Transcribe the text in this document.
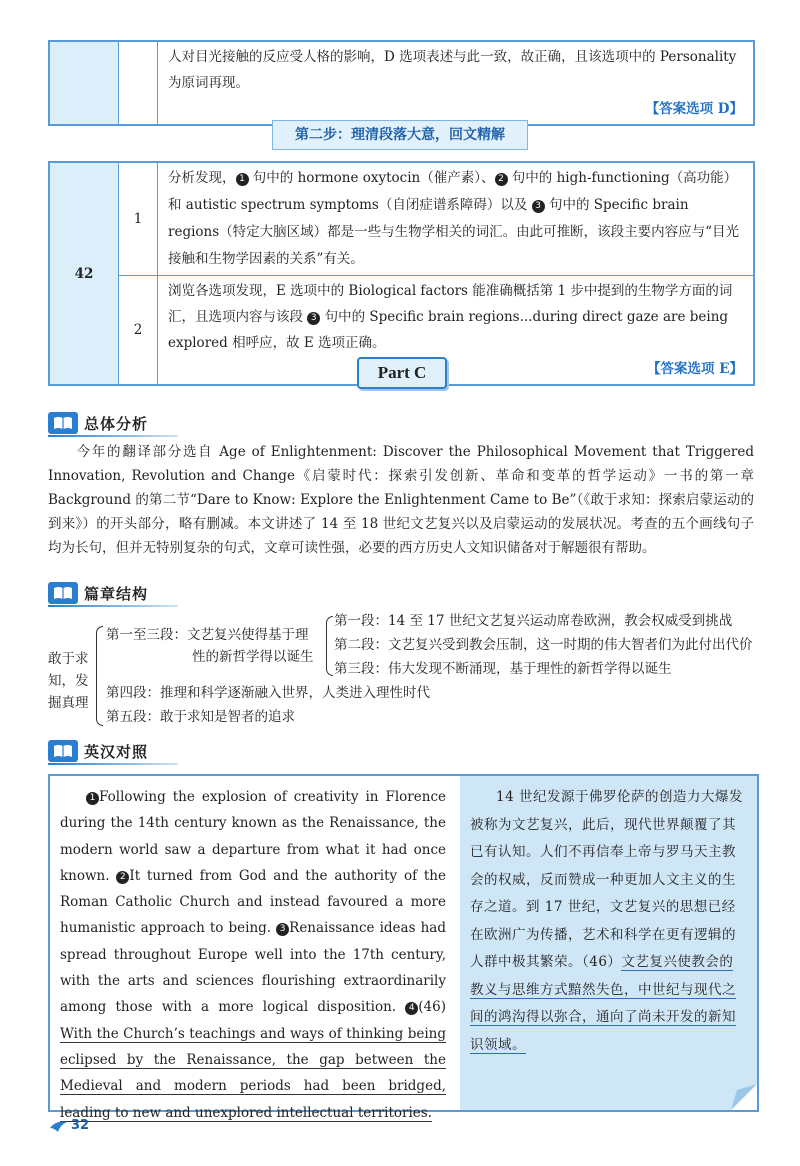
人对目光接触的反应受人格的影响，D 选项表述与此一致，故正确，且该选项中的 Personality 为原词再现。
【答案选项 D】
第二步：理清段落大意，回文精解
42	1	分析发现， 1 句中的 hormone oxytocin（催产素）、 2 句中的 high-functioning（高功能）和 autistic spectrum symptoms（自闭症谱系障碍）以及 3 句中的 Specific brain regions（特定大脑区域）都是一些与生物学相关的词汇。由此可推断，该段主要内容应与“目光接触和生物学因素的关系”有关。

	2	浏览各选项发现，E 选项中的 Biological factors 能准确概括第 1 步中提到的生物学方面的词汇，且选项内容与该段 3 句中的 Specific brain regions...during direct gaze are being explored 相呼应，故 E 选项正确。
【答案选项 E】
Part C
总体分析
今年的翻译部分选自 Age of Enlightenment: Discover the Philosophical Movement that Triggered Innovation, Revolution and Change《启蒙时代：探索引发创新、革命和变革的哲学运动》一书的第一章 Background 的第二节“Dare to Know: Explore the Enlightenment Came to Be”（《敢于求知：探索启蒙运动的到来》）的开头部分，略有删减。本文讲述了 14 至 18 世纪文艺复兴以及启蒙运动的发展状况。考查的五个画线句子均为长句，但并无特别复杂的句式，文章可读性强，必要的西方历史人文知识储备对于解题很有帮助。
篇章结构
敢于求
知，发
掘真理
第一至三段：文艺复兴使得基于理
性的新哲学得以诞生
第一段：14 至 17 世纪文艺复兴运动席卷欧洲，教会权威受到挑战
第二段：文艺复兴受到教会压制，这一时期的伟大智者们为此付出代价
第三段：伟大发现不断涌现，基于理性的新哲学得以诞生
第四段：推理和科学逐渐融入世界，人类进入理性时代
第五段：敢于求知是智者的追求
英汉对照
1 Following the explosion of creativity in Florence during the 14th century known as the Renaissance, the modern world saw a departure from what it had once known. 2 It turned from God and the authority of the Roman Catholic Church and instead favoured a more humanistic approach to being. 3 Renaissance ideas had spread throughout Europe well into the 17th century, with the arts and sciences flourishing extraordinarily among those with a more logical disposition. 4 (46) With the Church’s teachings and ways of thinking being eclipsed by the Renaissance, the gap between the Medieval and modern periods had been bridged, leading to new and unexplored intellectual territories.
14 世纪发源于佛罗伦萨的创造力大爆发被称为文艺复兴，此后，现代世界颠覆了其已有认知。人们不再信奉上帝与罗马天主教会的权威，反而赞成一种更加人文主义的生存之道。到 17 世纪，文艺复兴的思想已经在欧洲广为传播，艺术和科学在更有逻辑的人群中极其繁荣。（46）文艺复兴使教会的教义与思维方式黯然失色，中世纪与现代之间的鸿沟得以弥合，通向了尚未开发的新知识领域。
32
